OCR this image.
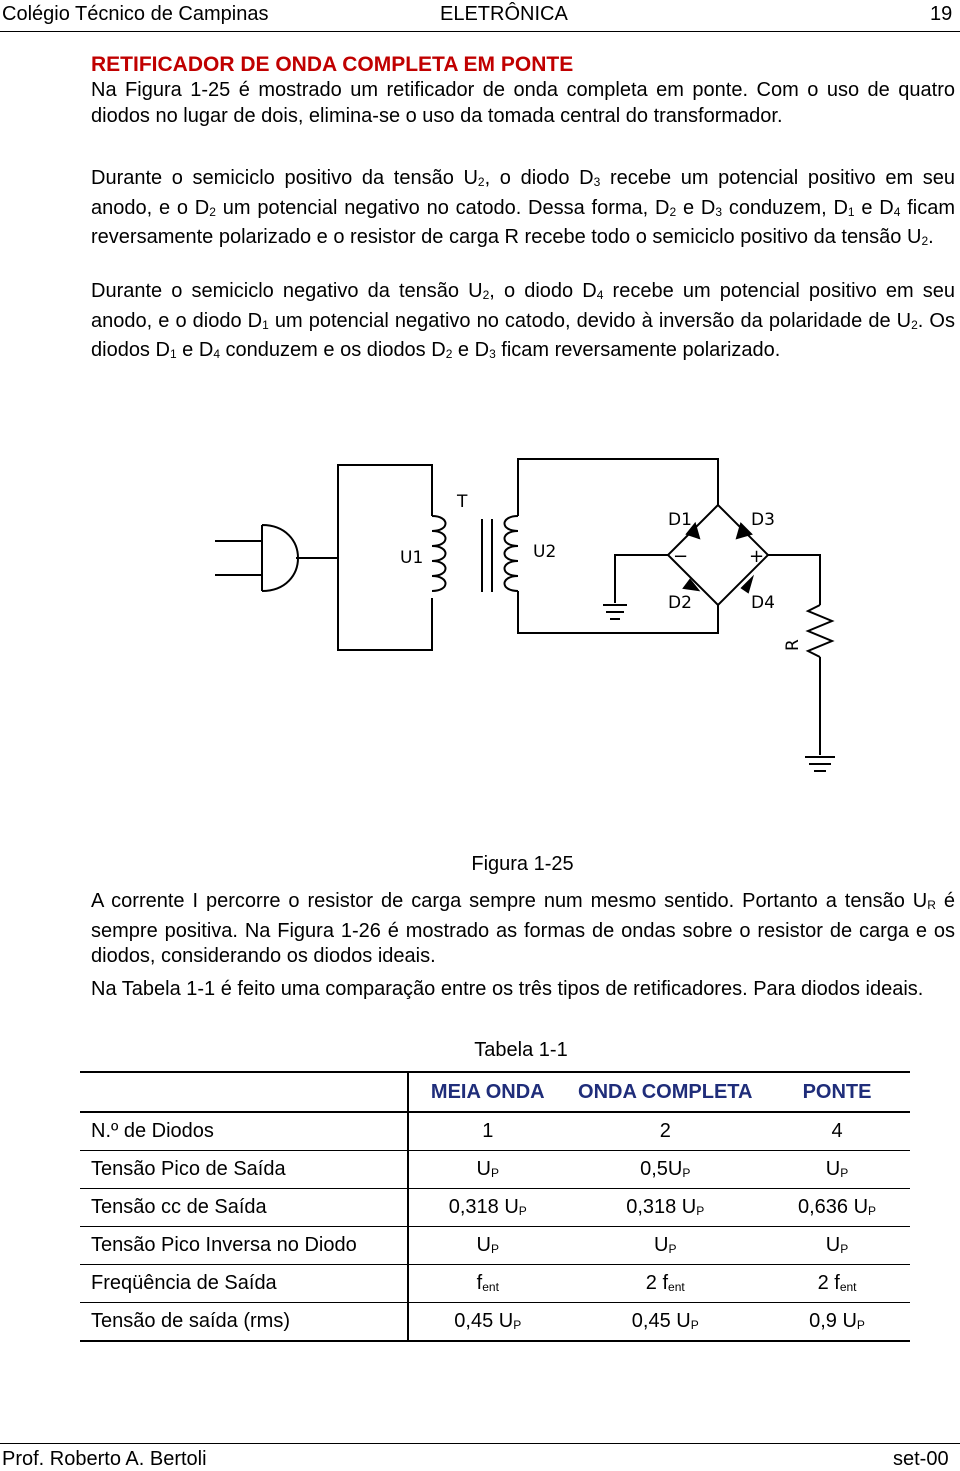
Colégio Técnico de Campinas	ELETRÔNICA	19
RETIFICADOR DE ONDA COMPLETA EM PONTE
Na Figura 1-25 é mostrado um retificador de onda completa em ponte. Com o uso de quatro diodos no lugar de dois, elimina-se o uso da tomada central do transformador.
Durante o semiciclo positivo da tensão $U_2$, o diodo $D_3$ recebe um potencial positivo em seu anodo, e o $D_2$ um potencial negativo no catodo. Dessa forma, $D_2$ e $D_3$ conduzem, $D_1$ e $D_4$ ficam reversamente polarizado e o resistor de carga R recebe todo o semiciclo positivo da tensão $U_2$.
Durante o semiciclo negativo da tensão $U_2$, o diodo $D_4$ recebe um potencial positivo em seu anodo, e o diodo $D_1$ um potencial negativo no catodo, devido à inversão da polaridade de $U_2$. Os diodos $D_1$ e $D_4$ conduzem e os diodos $D_2$ e $D_3$ ficam reversamente polarizado.
T
U1	U2
D1	D3
D2	D4
−	+
R
Figura 1-25
A corrente I percorre o resistor de carga sempre num mesmo sentido. Portanto a tensão $U_R$ é sempre positiva. Na Figura 1-26 é mostrado as formas de ondas sobre o resistor de carga e os diodos, considerando os diodos ideais.
Na Tabela 1-1 é feito uma comparação entre os três tipos de retificadores. Para diodos ideais.
Tabela 1-1
	MEIA ONDA	ONDA COMPLETA	PONTE
N.º de Diodos	1	2	4
Tensão Pico de Saída	$U_P$	$0,5U_P$	$U_P$
Tensão cc de Saída	0,318 $U_P$	0,318 $U_P$	0,636 $U_P$
Tensão Pico Inversa no Diodo	$U_P$	$U_P$	$U_P$
Freqüência de Saída	$f_{ent}$	2 $f_{ent}$	2 $f_{ent}$
Tensão de saída (rms)	0,45 $U_P$	0,45 $U_P$	0,9 $U_P$
Prof. Roberto A. Bertoli	set-00
